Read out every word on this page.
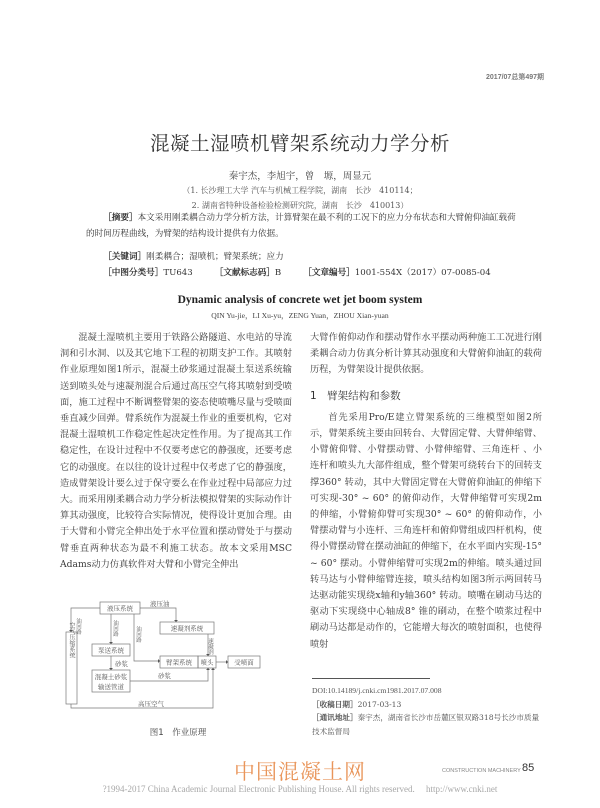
2017/07总第497期
混凝土湿喷机臂架系统动力学分析
秦宇杰，李旭宇，曾　塬，周显元
（1. 长沙理工大学 汽车与机械工程学院，湖南　长沙　410114；
2. 湖南省特种设备检验检测研究院，湖南　长沙　410013）
［摘要］本文采用刚柔耦合动力学分析方法，计算臂架在最不利的工况下的应力分布状态和大臂俯仰油缸载荷的时间历程曲线，为臂架的结构设计提供有力依据。
［关键词］刚柔耦合；湿喷机；臂架系统；应力
［中图分类号］TU643	［文献标志码］B	［文章编号］1001-554X（2017）07-0085-04
Dynamic analysis of concrete wet jet boom system
QIN Yu-jie，LI Xu-yu，ZENG Yuan，ZHOU Xian-yuan
混凝土湿喷机主要用于铁路公路隧道、水电站的导流洞和引水洞、以及其它地下工程的初期支护工作。其喷射作业原理如图1所示，混凝土砂浆通过混凝土泵送系统输送到喷头处与速凝剂混合后通过高压空气将其喷射到受喷面，施工过程中不断调整臂架的姿态使喷嘴尽量与受喷面垂直减少回弹。臂系统作为混凝土作业的重要机构，它对混凝土湿喷机工作稳定性起决定性作用。为了提高其工作稳定性，在设计过程中不仅要考虑它的静强度，还要考虑它的动强度。在以往的设计过程中仅考虑了它的静强度，造成臂架设计要么过于保守要么在作业过程中局部应力过大。而采用刚柔耦合动力学分析法模拟臂架的实际动作计算其动强度，比较符合实际情况，使得设计更加合理。由于大臂和小臂完全伸出处于水平位置和摆动臂处于与摆动臂垂直两种状态为最不利施工状态。故本文采用MSC Adams动力仿真软件对大臂和小臂完全伸出
大臂作俯仰动作和摆动臂作水平摆动两种施工工况进行刚柔耦合动力仿真分析计算其动强度和大臂俯仰油缸的载荷历程，为臂架设计提供依据。
1　臂架结构和参数
首先采用Pro/E建立臂架系统的三维模型如图2所示，臂架系统主要由回转台、大臂固定臂、大臂伸缩臂、小臂俯仰臂、小臂摆动臂、小臂伸缩臂、三角连杆 、小连杆和喷头九大部件组成，整个臂架可绕转台下的回转支撑360° 转动，其中大臂固定臂在大臂俯仰油缸的伸缩下可实现-30° ~ 60° 的俯仰动作，大臂伸缩臂可实现2m的伸缩，小臂俯仰臂可实现30° ~ 60° 的俯仰动作，小臂摆动臂与小连杆、三角连杆和俯仰臂组成四杆机构，使得小臂摆动臂在摆动油缸的伸缩下，在水平面内实现-15° ~ 60° 摆动。小臂伸缩臂可实现2m的伸缩。喷头通过回转马达与小臂伸缩臂连接，喷头结构如图3所示两回转马达驱动能实现绕x轴和y轴360° 转动。喷嘴在刷动马达的驱动下实现绕中心轴成8° 锥的刷动，在整个喷浆过程中刷动马达都是动作的，它能增大每次的喷射面积，也使得喷射
液压系统
泵送系统
混凝土砂浆
输送管道
速凝剂系统
臂架系统 喷头	受喷面
空气压缩系统
液压油
油回路	油回路	油回路
砂浆
砂浆
速凝剂
高压空气
图1　作业原理
DOI:10.14189/j.cnki.cm1981.2017.07.008
［收稿日期］2017-03-13
［通讯地址］秦宇杰，湖南省长沙市岳麓区银双路318号长沙市质量技术监督局
中国混凝土网	CONSTRUCTION MACHINERY 85
?1994-2017 China Academic Journal Electronic Publishing House. All rights reserved.　 http://www.cnki.net
